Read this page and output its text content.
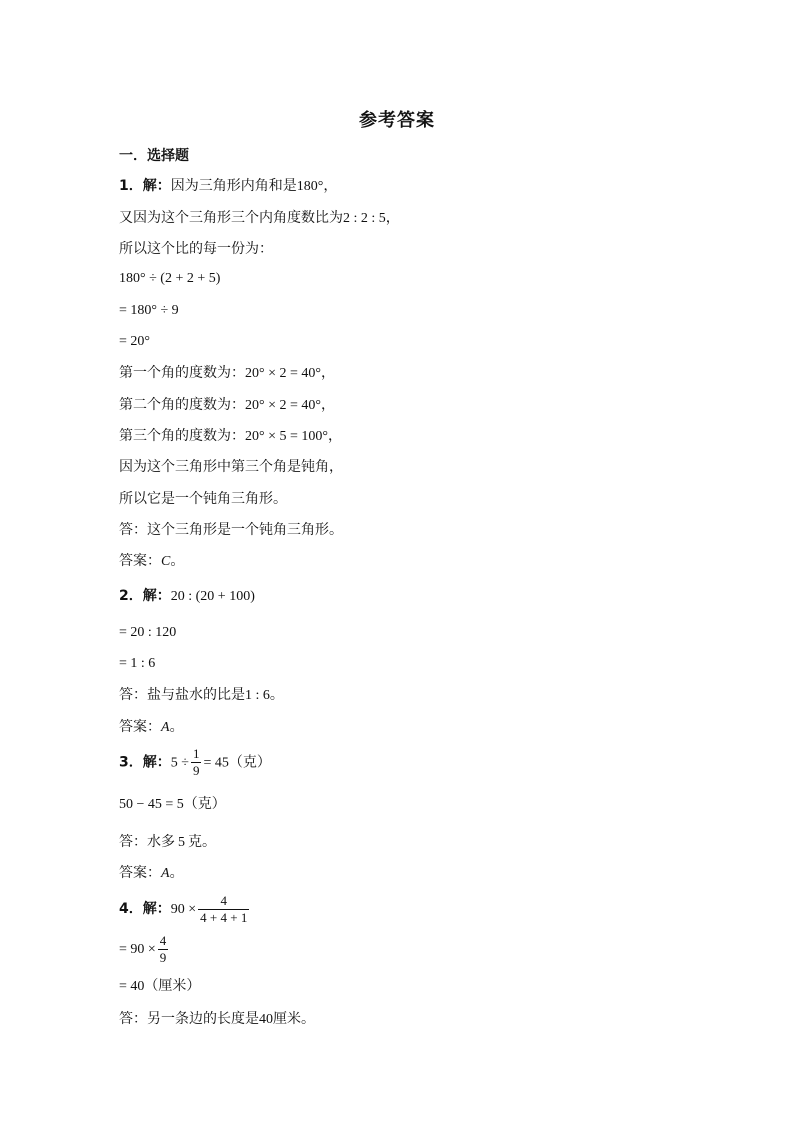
参考答案
一．选择题
1．解：因为三角形内角和是180°，
又因为这个三角形三个内角度数比为2 : 2 : 5，
所以这个比的每一份为：
180° ÷ (2 + 2 + 5)
= 180° ÷ 9
= 20°
第一个角的度数为：20° × 2 = 40°，
第二个角的度数为：20° × 2 = 40°，
第三个角的度数为：20° × 5 = 100°，
因为这个三角形中第三个角是钝角，
所以它是一个钝角三角形。
答：这个三角形是一个钝角三角形。
答案：C。
2．解：20 : (20 + 100)
= 20 : 120
= 1 : 6
答：盐与盐水的比是1 : 6。
答案：A。
3．解：$5 \div \frac{1}{9} = 45$（克）
50 − 45 = 5（克）
答：水多 5 克。
答案：A。
4．解：$90 \times \frac{4}{4 + 4 + 1}$
= $90 \times \frac{4}{9}$
= 40（厘米）
答：另一条边的长度是40厘米。
